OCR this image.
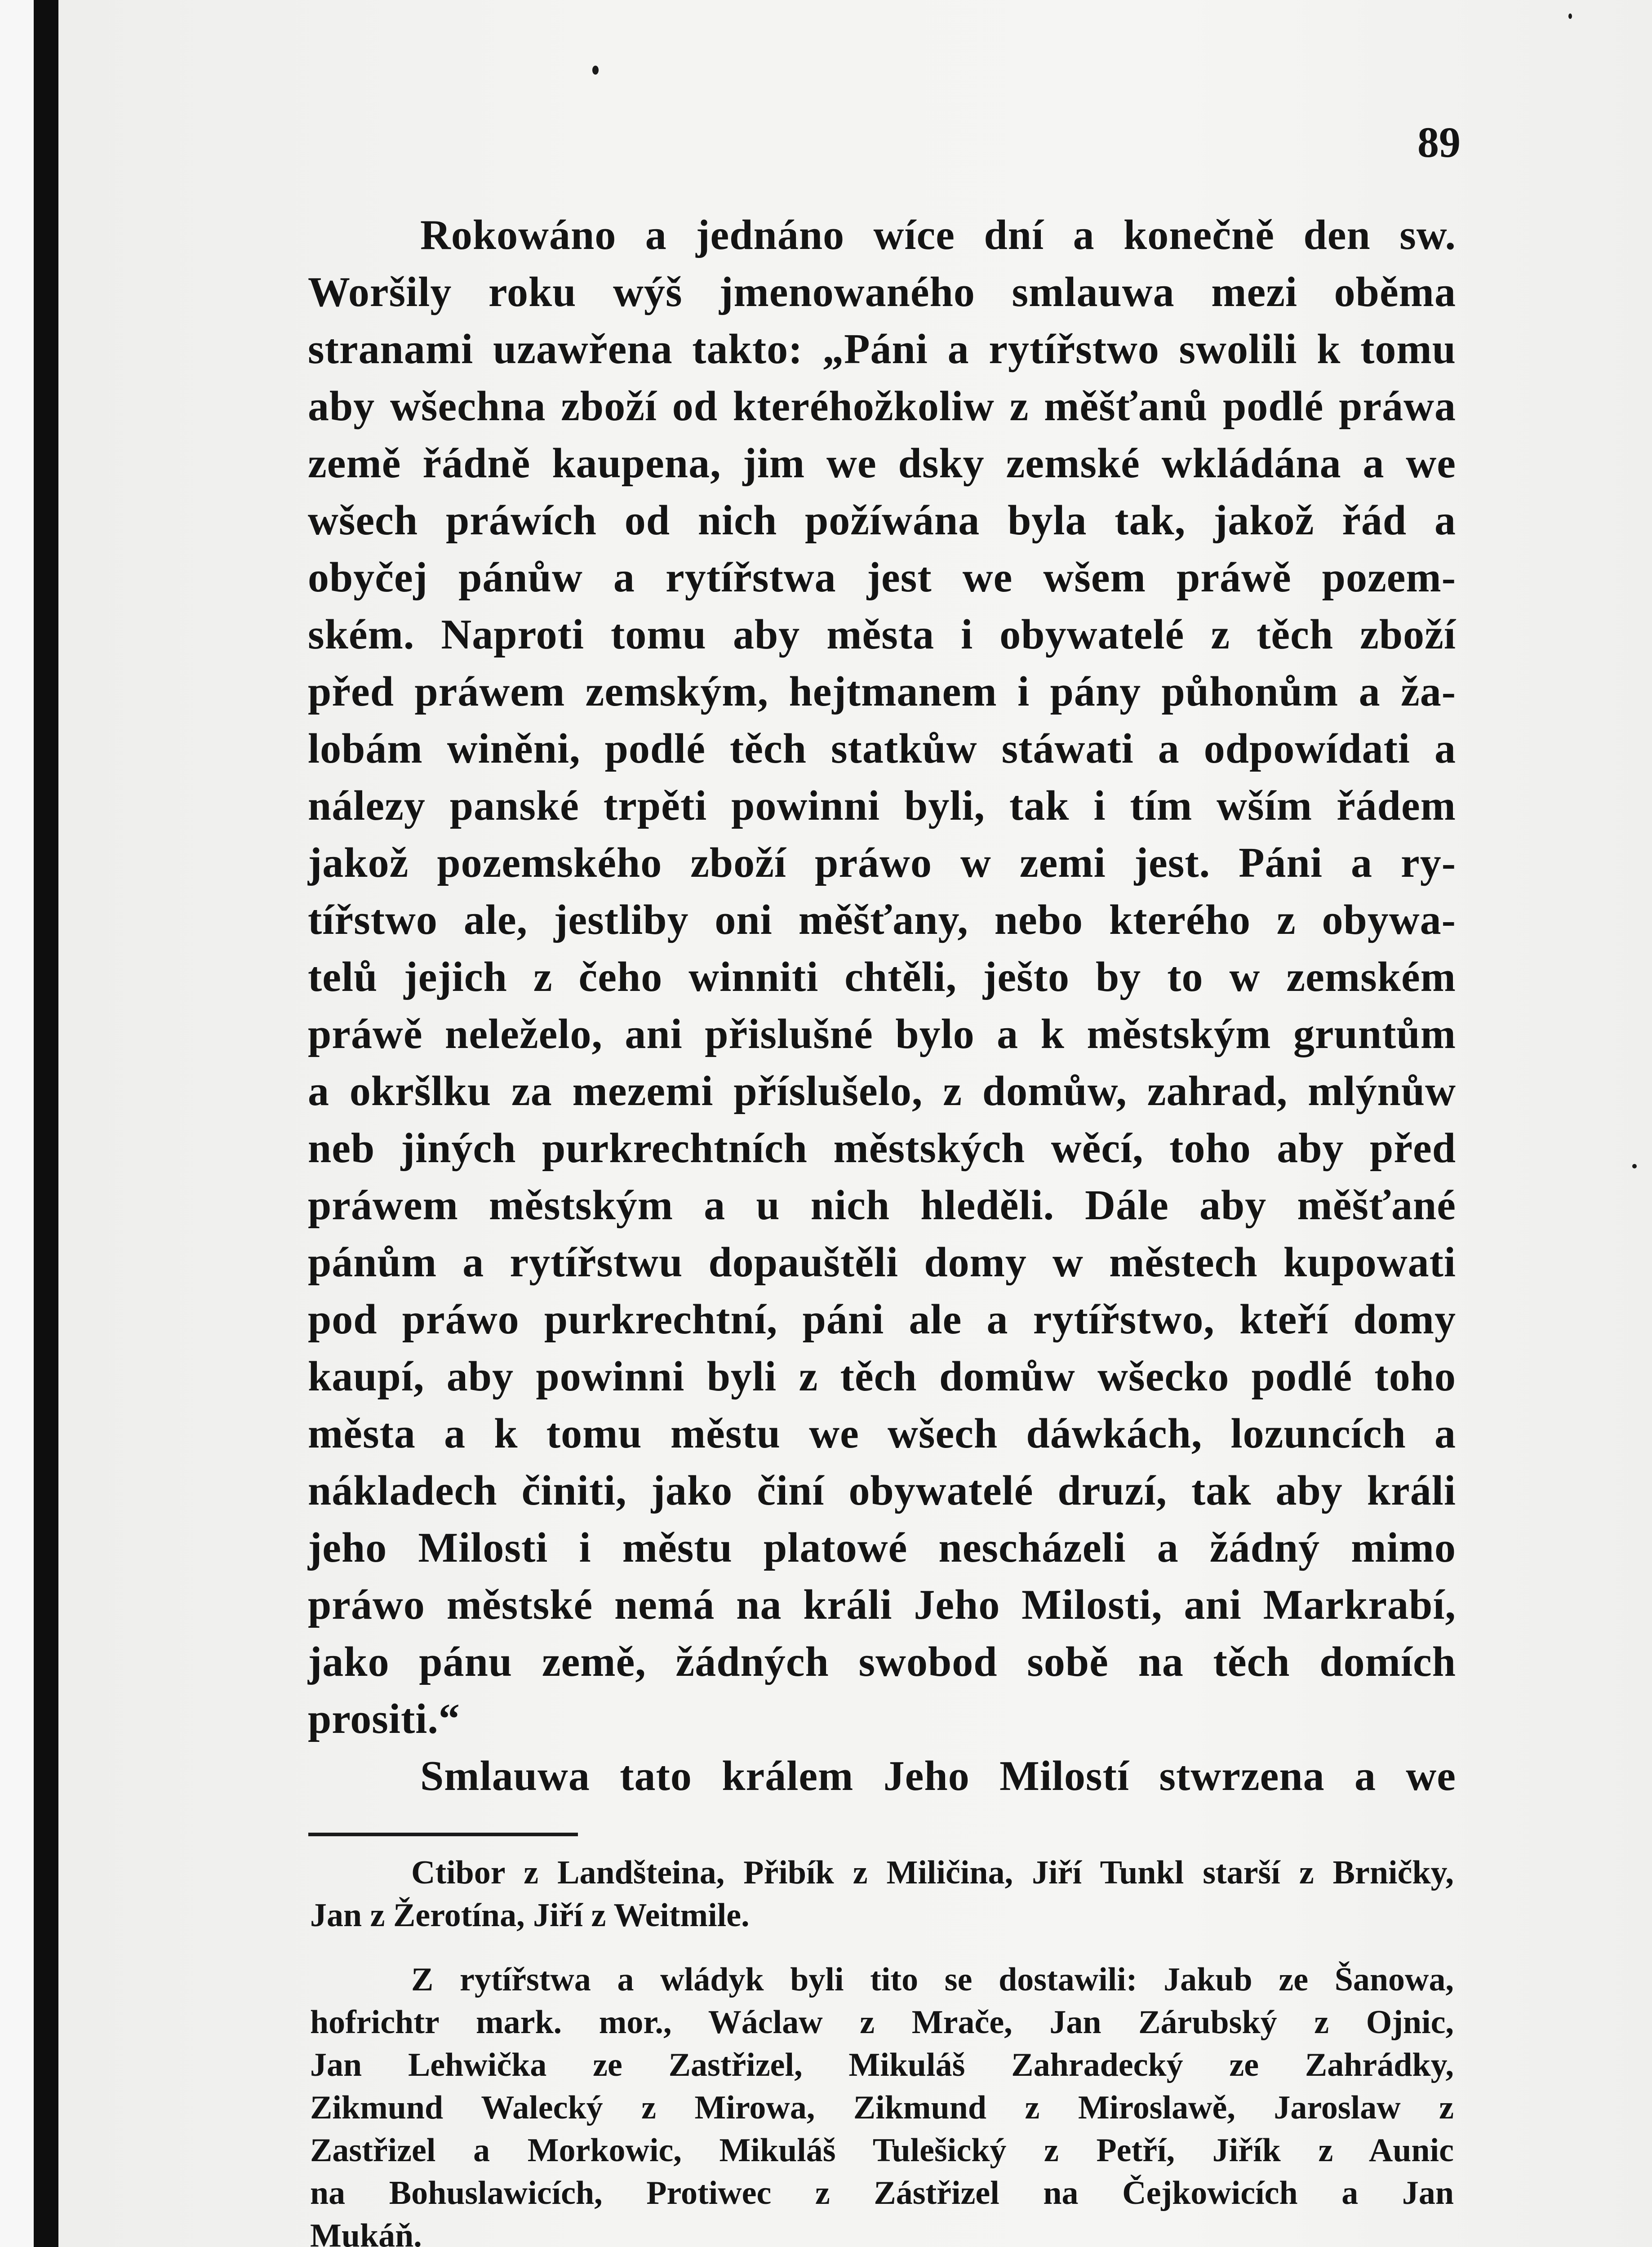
89
Rokowáno a jednáno wíce dní a konečně den sw.
Woršily roku wýš jmenowaného smlauwa mezi oběma
stranami uzawřena takto: „Páni a rytířstwo swolili k tomu
aby wšechna zboží od kteréhožkoliw z měšťanů podlé práwa
země řádně kaupena, jim we dsky zemské wkládána a we
wšech práwích od nich požíwána byla tak, jakož řád a
obyčej pánůw a rytířstwa jest we wšem práwě pozem-
ském. Naproti tomu aby města i obywatelé z těch zboží
před práwem zemským, hejtmanem i pány půhonům a ža-
lobám winěni, podlé těch statkůw stáwati a odpowídati a
nálezy panské trpěti powinni byli, tak i tím wším řádem
jakož pozemského zboží práwo w zemi jest. Páni a ry-
tířstwo ale, jestliby oni měšťany, nebo kterého z obywa-
telů jejich z čeho winniti chtěli, ješto by to w zemském
práwě neleželo, ani přislušné bylo a k městským gruntům
a okršlku za mezemi příslušelo, z domůw, zahrad, mlýnůw
neb jiných purkrechtních městských wěcí, toho aby před
práwem městským a u nich hleděli. Dále aby měšťané
pánům a rytířstwu dopauštěli domy w městech kupowati
pod práwo purkrechtní, páni ale a rytířstwo, kteří domy
kaupí, aby powinni byli z těch domůw wšecko podlé toho
města a k tomu městu we wšech dáwkách, lozuncích a
nákladech činiti, jako činí obywatelé druzí, tak aby králi
jeho Milosti i městu platowé nescházeli a žádný mimo
práwo městské nemá na králi Jeho Milosti, ani Markrabí,
jako pánu země, žádných swobod sobě na těch domích
prositi.“
Smlauwa tato králem Jeho Milostí stwrzena a we
Ctibor z Landšteina, Přibík z Miličina, Jiří Tunkl starší z Brničky,
Jan z Žerotína, Jiří z Weitmile.
Z rytířstwa a wládyk byli tito se dostawili: Jakub ze Šanowa,
hofrichtr mark. mor., Wáclaw z Mrače, Jan Zárubský z Ojnic,
Jan Lehwička ze Zastřizel, Mikuláš Zahradecký ze Zahrádky,
Zikmund Walecký z Mirowa, Zikmund z Miroslawě, Jaroslaw z
Zastřizel a Morkowic, Mikuláš Tulešický z Petří, Jiřík z Aunic
na Bohuslawicích, Protiwec z Zástřizel na Čejkowicích a Jan
Mukáň.
